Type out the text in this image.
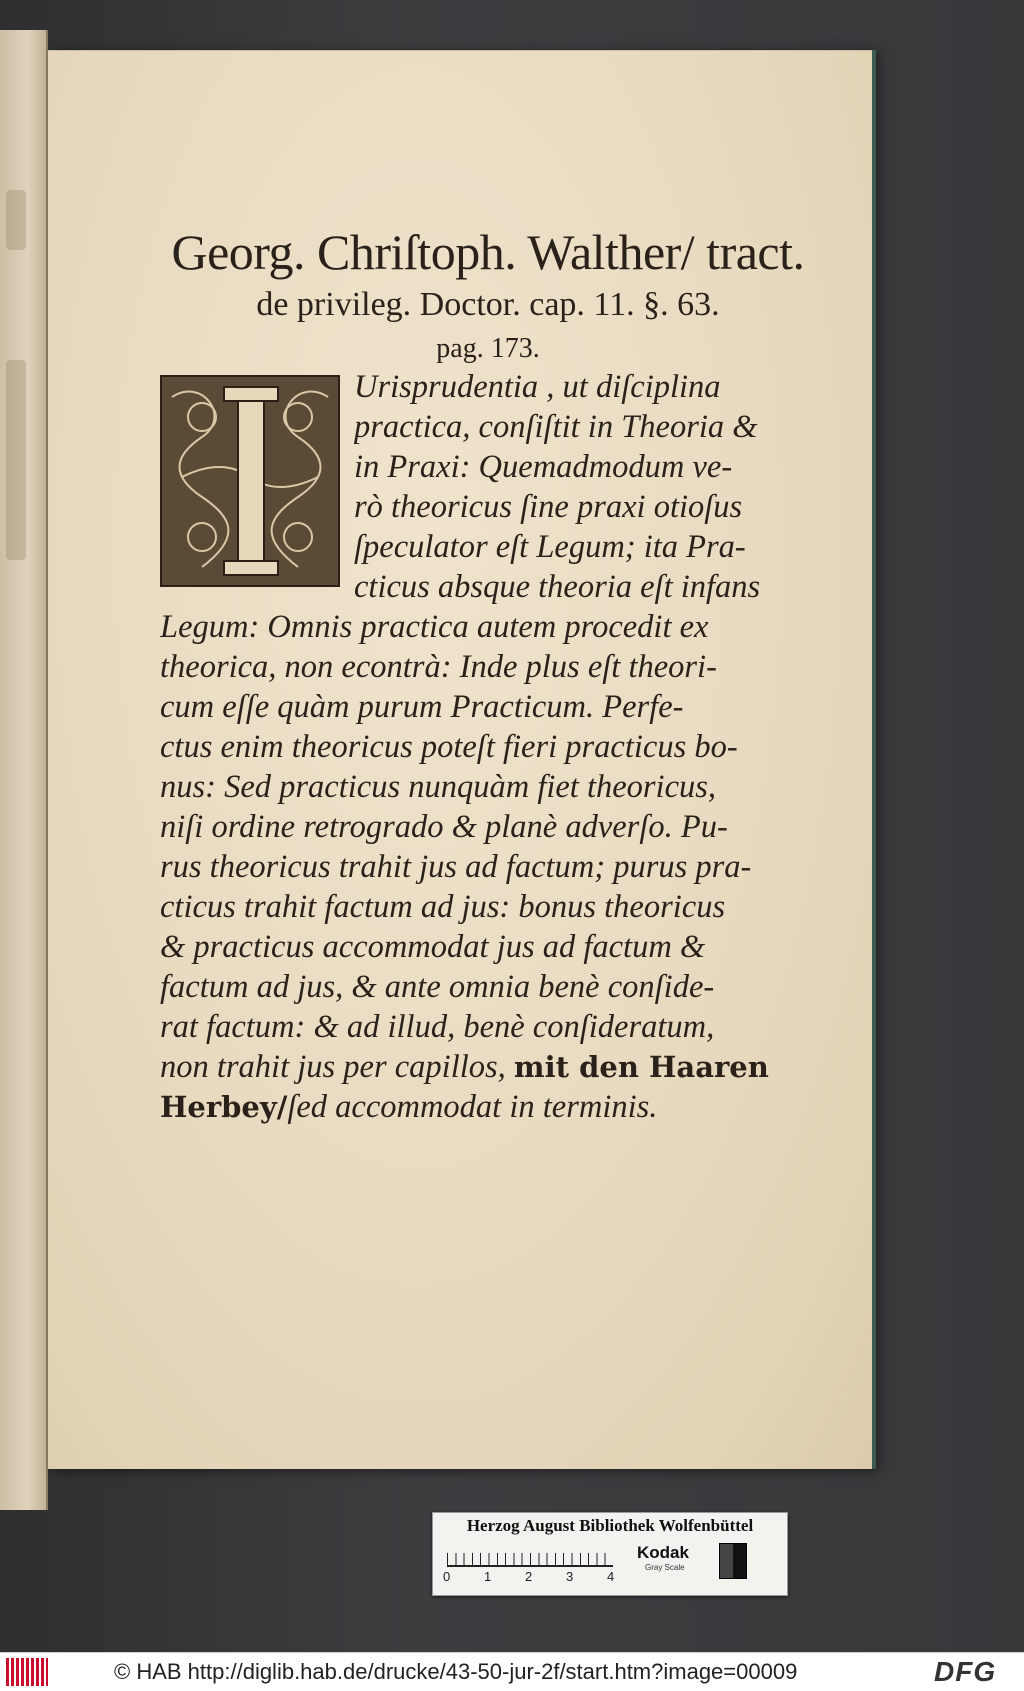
Georg. Chriſtoph. Walther/ tract.
de privileg. Doctor. cap. 11. §. 63.
pag. 173.
Urisprudentia , ut diſciplina
practica, conſiſtit in Theoria &
in Praxi: Quemadmodum ve-
rò theoricus ſine praxi otioſus
ſpeculator eſt Legum; ita Pra-
cticus absque theoria eſt infans
Legum: Omnis practica autem procedit ex
theorica, non econtrà: Inde plus eſt theori-
cum eſſe quàm purum Practicum. Perfe-
ctus enim theoricus poteſt fieri practicus bo-
nus: Sed practicus nunquàm fiet theoricus,
niſi ordine retrogrado & planè adverſo. Pu-
rus theoricus trahit jus ad factum; purus pra-
cticus trahit factum ad jus: bonus theoricus
& practicus accommodat jus ad factum &
factum ad jus, & ante omnia benè conſide-
rat factum: & ad illud, benè conſideratum,
non trahit jus per capillos, mit den Haaren
Herbey/ſed accommodat in terminis.
Herzog August Bibliothek Wolfenbüttel
0	1	2	3	4
Kodak
Gray Scale
© HAB http://diglib.hab.de/drucke/43-50-jur-2f/start.htm?image=00009	DFG
